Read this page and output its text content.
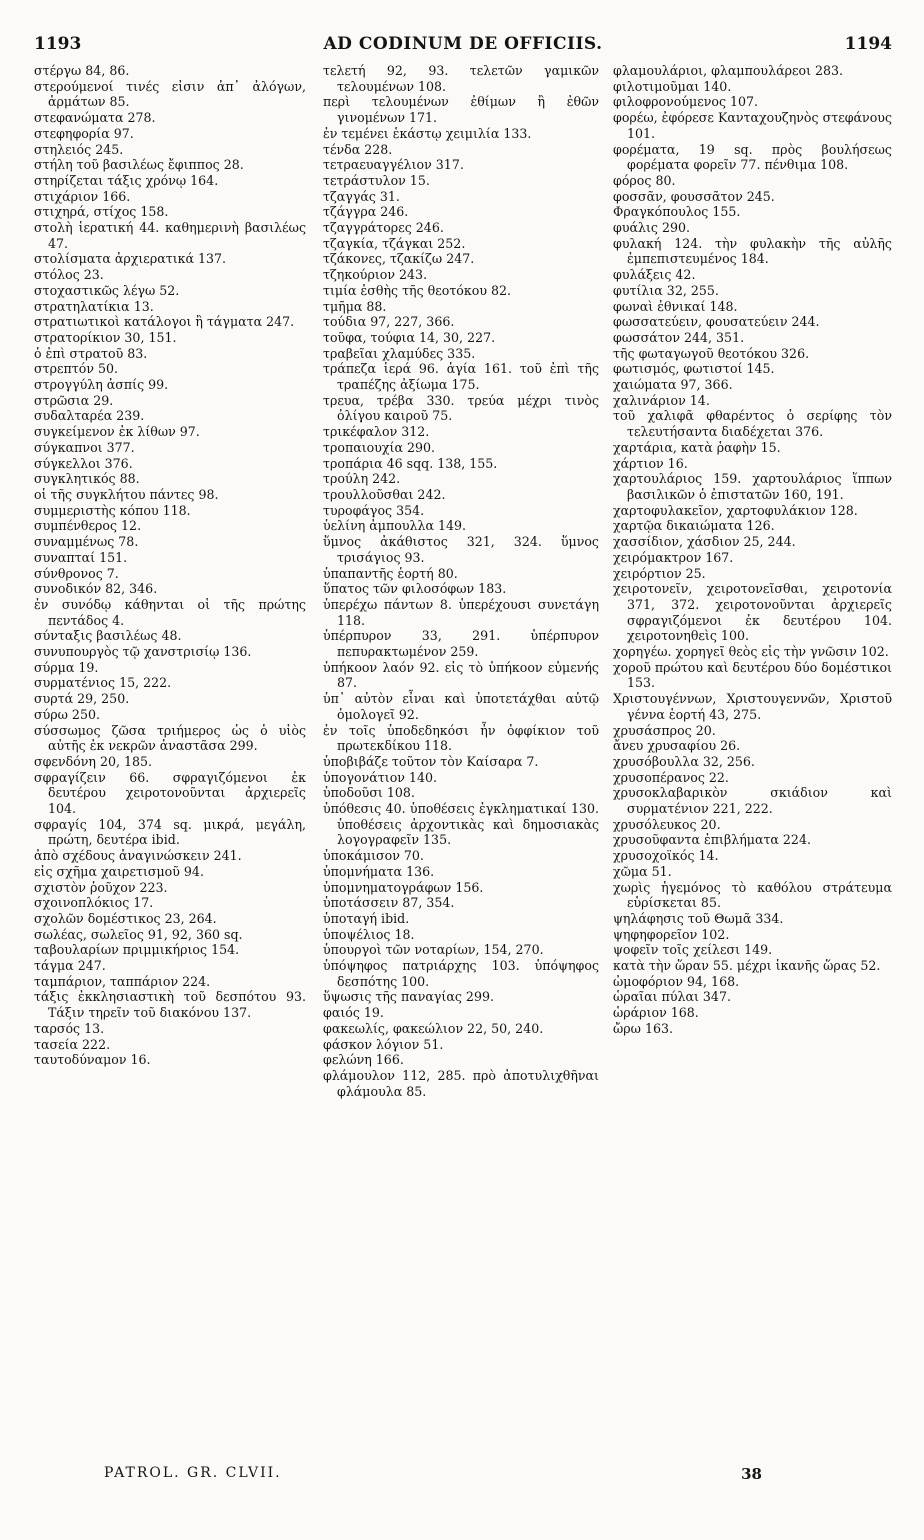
1193	AD CODINUM DE OFFICIIS.	1194
στέργω 84, 86.
στερούμενοί τινές εἰσιν ἀπ᾽ ἀλόγων, ἁρμάτων 85.
στεφανώματα 278.
στεφηφορία 97.
στηλειός 245.
στήλη τοῦ βασιλέως ἔφιππος 28.
στηρίζεται τάξις χρόνῳ 164.
στιχάριον 166.
στιχηρά, στίχος 158.
στολὴ ἱερατική 44. καθημερινὴ βασιλέως 47.
στολίσματα ἀρχιερατικά 137.
στόλος 23.
στοχαστικῶς λέγω 52.
στρατηλατίκια 13.
στρατιωτικοὶ κατάλογοι ἢ τάγματα 247.
στρατορίκιον 30, 151.
ὁ ἐπὶ στρατοῦ 83.
στρεπτόν 50.
στρογγύλη ἀσπίς 99.
στρῶσια 29.
συδαλταρέα 239.
συγκείμενον ἐκ λίθων 97.
σύγκαπνοι 377.
σύγκελλοι 376.
συγκλητικός 88.
οἱ τῆς συγκλήτου πάντες 98.
συμμεριστὴς κόπου 118.
συμπένθερος 12.
συναμμένως 78.
συναπταί 151.
σύνθρονος 7.
συνοδικόν 82, 346.
ἐν συνόδῳ κάθηνται οἱ τῆς πρώτης πεντάδος 4.
σύνταξις βασιλέως 48.
συνυπουργὸς τῷ χανστρισίῳ 136.
σύρμα 19.
συρματένιος 15, 222.
συρτά 29, 250.
σύρω 250.
σύσσωμος ζῶσα τριήμερος ὡς ὁ υἱὸς αὐτῆς ἐκ νεκρῶν ἀναστᾶσα 299.
σφενδόνη 20, 185.
σφραγίζειν 66. σφραγιζόμενοι ἐκ δευτέρου χειροτονοῦνται ἀρχιερεῖς 104.
σφραγίς 104, 374 sq. μικρά, μεγάλη, πρώτη, δευτέρα ibid.
ἀπὸ σχέδους ἀναγινώσκειν 241.
εἰς σχῆμα χαιρετισμοῦ 94.
σχιστὸν ῥοῦχον 223.
σχοινοπλόκιος 17.
σχολῶν δομέστικος 23, 264.
σωλέας, σωλεῖος 91, 92, 360 sq.
ταβουλαρίων πριμμικήριος 154.
τάγμα 247.
ταμπάριον, ταππάριον 224.
τάξις ἐκκλησιαστικὴ τοῦ δεσπότου 93. Τάξιν τηρεῖν τοῦ διακόνου 137.
ταρσός 13.
τασεία 222.
ταυτοδύναμον 16.
τελετή 92, 93. τελετῶν γαμικῶν τελουμένων 108.
περὶ τελουμένων ἐθίμων ἢ ἐθῶν γινομένων 171.
ἐν τεμένει ἑκάστῳ χειμιλία 133.
τένδα 228.
τετραευαγγέλιον 317.
τετράστυλον 15.
τζαγγάς 31.
τζάγγρα 246.
τζαγγράτορες 246.
τζαγκία, τζάγκαι 252.
τζάκονες, τζακίζω 247.
τζηκούριον 243.
τιμία ἐσθὴς τῆς θεοτόκου 82.
τμῆμα 88.
τούδια 97, 227, 366.
τοῦφα, τούφια 14, 30, 227.
τραβεῖαι χλαμύδες 335.
τράπεζα ἱερά 96. ἁγία 161. τοῦ ἐπὶ τῆς τραπέζης ἀξίωμα 175.
τρευα, τρέβα 330. τρεύα μέχρι τινὸς ὀλίγου καιροῦ 75.
τρικέφαλον 312.
τροπαιουχία 290.
τροπάρια 46 sqq. 138, 155.
τρούλη 242.
τρουλλοῦσθαι 242.
τυροφάγος 354.
ὑελίνη ἀμπουλλα 149.
ὕμνος ἀκάθιστος 321, 324. ὕμνος τρισάγιος 93.
ὑπαπαντῆς ἑορτή 80.
ὕπατος τῶν φιλοσόφων 183.
ὑπερέχω πάντων 8. ὑπερέχουσι συνετάγη 118.
ὑπέρπυρον 33, 291. ὑπέρπυρον πεπυρακτωμένον 259.
ὑπήκοον λαόν 92. εἰς τὸ ὑπήκοον εὐμενής 87.
ὑπ᾽ αὐτὸν εἶναι καὶ ὑποτετάχθαι αὐτῷ ὁμολογεῖ 92.
ἐν τοῖς ὑποδεδηκόσι ἦν ὀφφίκιον τοῦ πρωτεκδίκου 118.
ὑποβιβάζε τοῦτον τὸν Καίσαρα 7.
ὑπογονάτιον 140.
ὑποδοῦσι 108.
ὑπόθεσις 40. ὑποθέσεις ἐγκληματικαί 130. ὑποθέσεις ἀρχοντικὰς καὶ δημοσιακὰς λογογραφεῖν 135.
ὑποκάμισον 70.
ὑπομνήματα 136.
ὑπομνηματογράφων 156.
ὑποτάσσειν 87, 354.
ὑποταγή ibid.
ὑποψέλιος 18.
ὑπουργοὶ τῶν νοταρίων, 154, 270.
ὑπόψηφος πατριάρχης 103. ὑπόψηφος δεσπότης 100.
ὕψωσις τῆς παναγίας 299.
φαιός 19.
φακεωλίς, φακεώλιον 22, 50, 240.
φάσκον λόγιον 51.
φελώνη 166.
φλάμουλον 112, 285. πρὸ ἀποτυλιχθῆναι φλάμουλα 85.
φλαμουλάριοι, φλαμπουλάρεοι 283.
φιλοτιμοῦμαι 140.
φιλοφρονούμενος 107.
φορέω, ἐφόρεσε Κανταχουζηνὸς στεφάνους 101.
φορέματα, 19 sq. πρὸς βουλήσεως φορέματα φορεῖν 77. πένθιμα 108.
φόρος 80.
φοσσᾶν, φουσσᾶτον 245.
Φραγκόπουλος 155.
φυάλις 290.
φυλακή 124. τὴν φυλακὴν τῆς αὐλῆς ἐμπεπιστευμένος 184.
φυλάξεις 42.
φυτίλια 32, 255.
φωναὶ ἐθνικαί 148.
φωσσατεύειν, φουσατεύειν 244.
φωσσάτον 244, 351.
τῆς φωταγωγοῦ θεοτόκου 326.
φωτισμός, φωτιστοί 145.
χαιώματα 97, 366.
χαλινάριον 14.
τοῦ χαλιφᾶ φθαρέντος ὁ σερίφης τὸν τελευτήσαντα διαδέχεται 376.
χαρτάρια, κατὰ ῥαφὴν 15.
χάρτιον 16.
χαρτουλάριος 159. χαρτουλάριος ἵππων βασιλικῶν ὁ ἐπιστατῶν 160, 191.
χαρτοφυλακεῖον, χαρτοφυλάκιον 128.
χαρτῷα δικαιώματα 126.
χασσίδιον, χάσδιον 25, 244.
χειρόμακτρον 167.
χειρόρτιον 25.
χειροτονεῖν, χειροτονεῖσθαι, χειροτονία 371, 372. χειροτονοῦνται ἀρχιερεῖς σφραγιζόμενοι ἐκ δευτέρου 104. χειροτονηθεὶς 100.
χορηγέω. χορηγεῖ θεὸς εἰς τὴν γνῶσιν 102.
χοροῦ πρώτου καὶ δευτέρου δύο δομέστικοι 153.
Χριστουγέννων, Χριστουγεννῶν, Χριστοῦ γέννα ἑορτή 43, 275.
χρυσάσπρος 20.
ἄνευ χρυσαφίου 26.
χρυσόβουλλα 32, 256.
χρυσοπέρανος 22.
χρυσοκλαβαρικὸν σκιάδιον καὶ συρματένιον 221, 222.
χρυσόλευκος 20.
χρυσοῦφαντα ἐπιβλήματα 224.
χρυσοχοϊκός 14.
χῶμα 51.
χωρὶς ἡγεμόνος τὸ καθόλου στράτευμα εὑρίσκεται 85.
ψηλάφησις τοῦ Θωμᾶ 334.
ψηφηφορεῖον 102.
ψοφεῖν τοῖς χείλεσι 149.
κατὰ τὴν ὥραν 55. μέχρι ἱκανῆς ὥρας 52.
ὠμοφόριον 94, 168.
ὡραῖαι πύλαι 347.
ὡράριον 168.
ὤρω 163.
PATROL. GR. CLVII.	38
